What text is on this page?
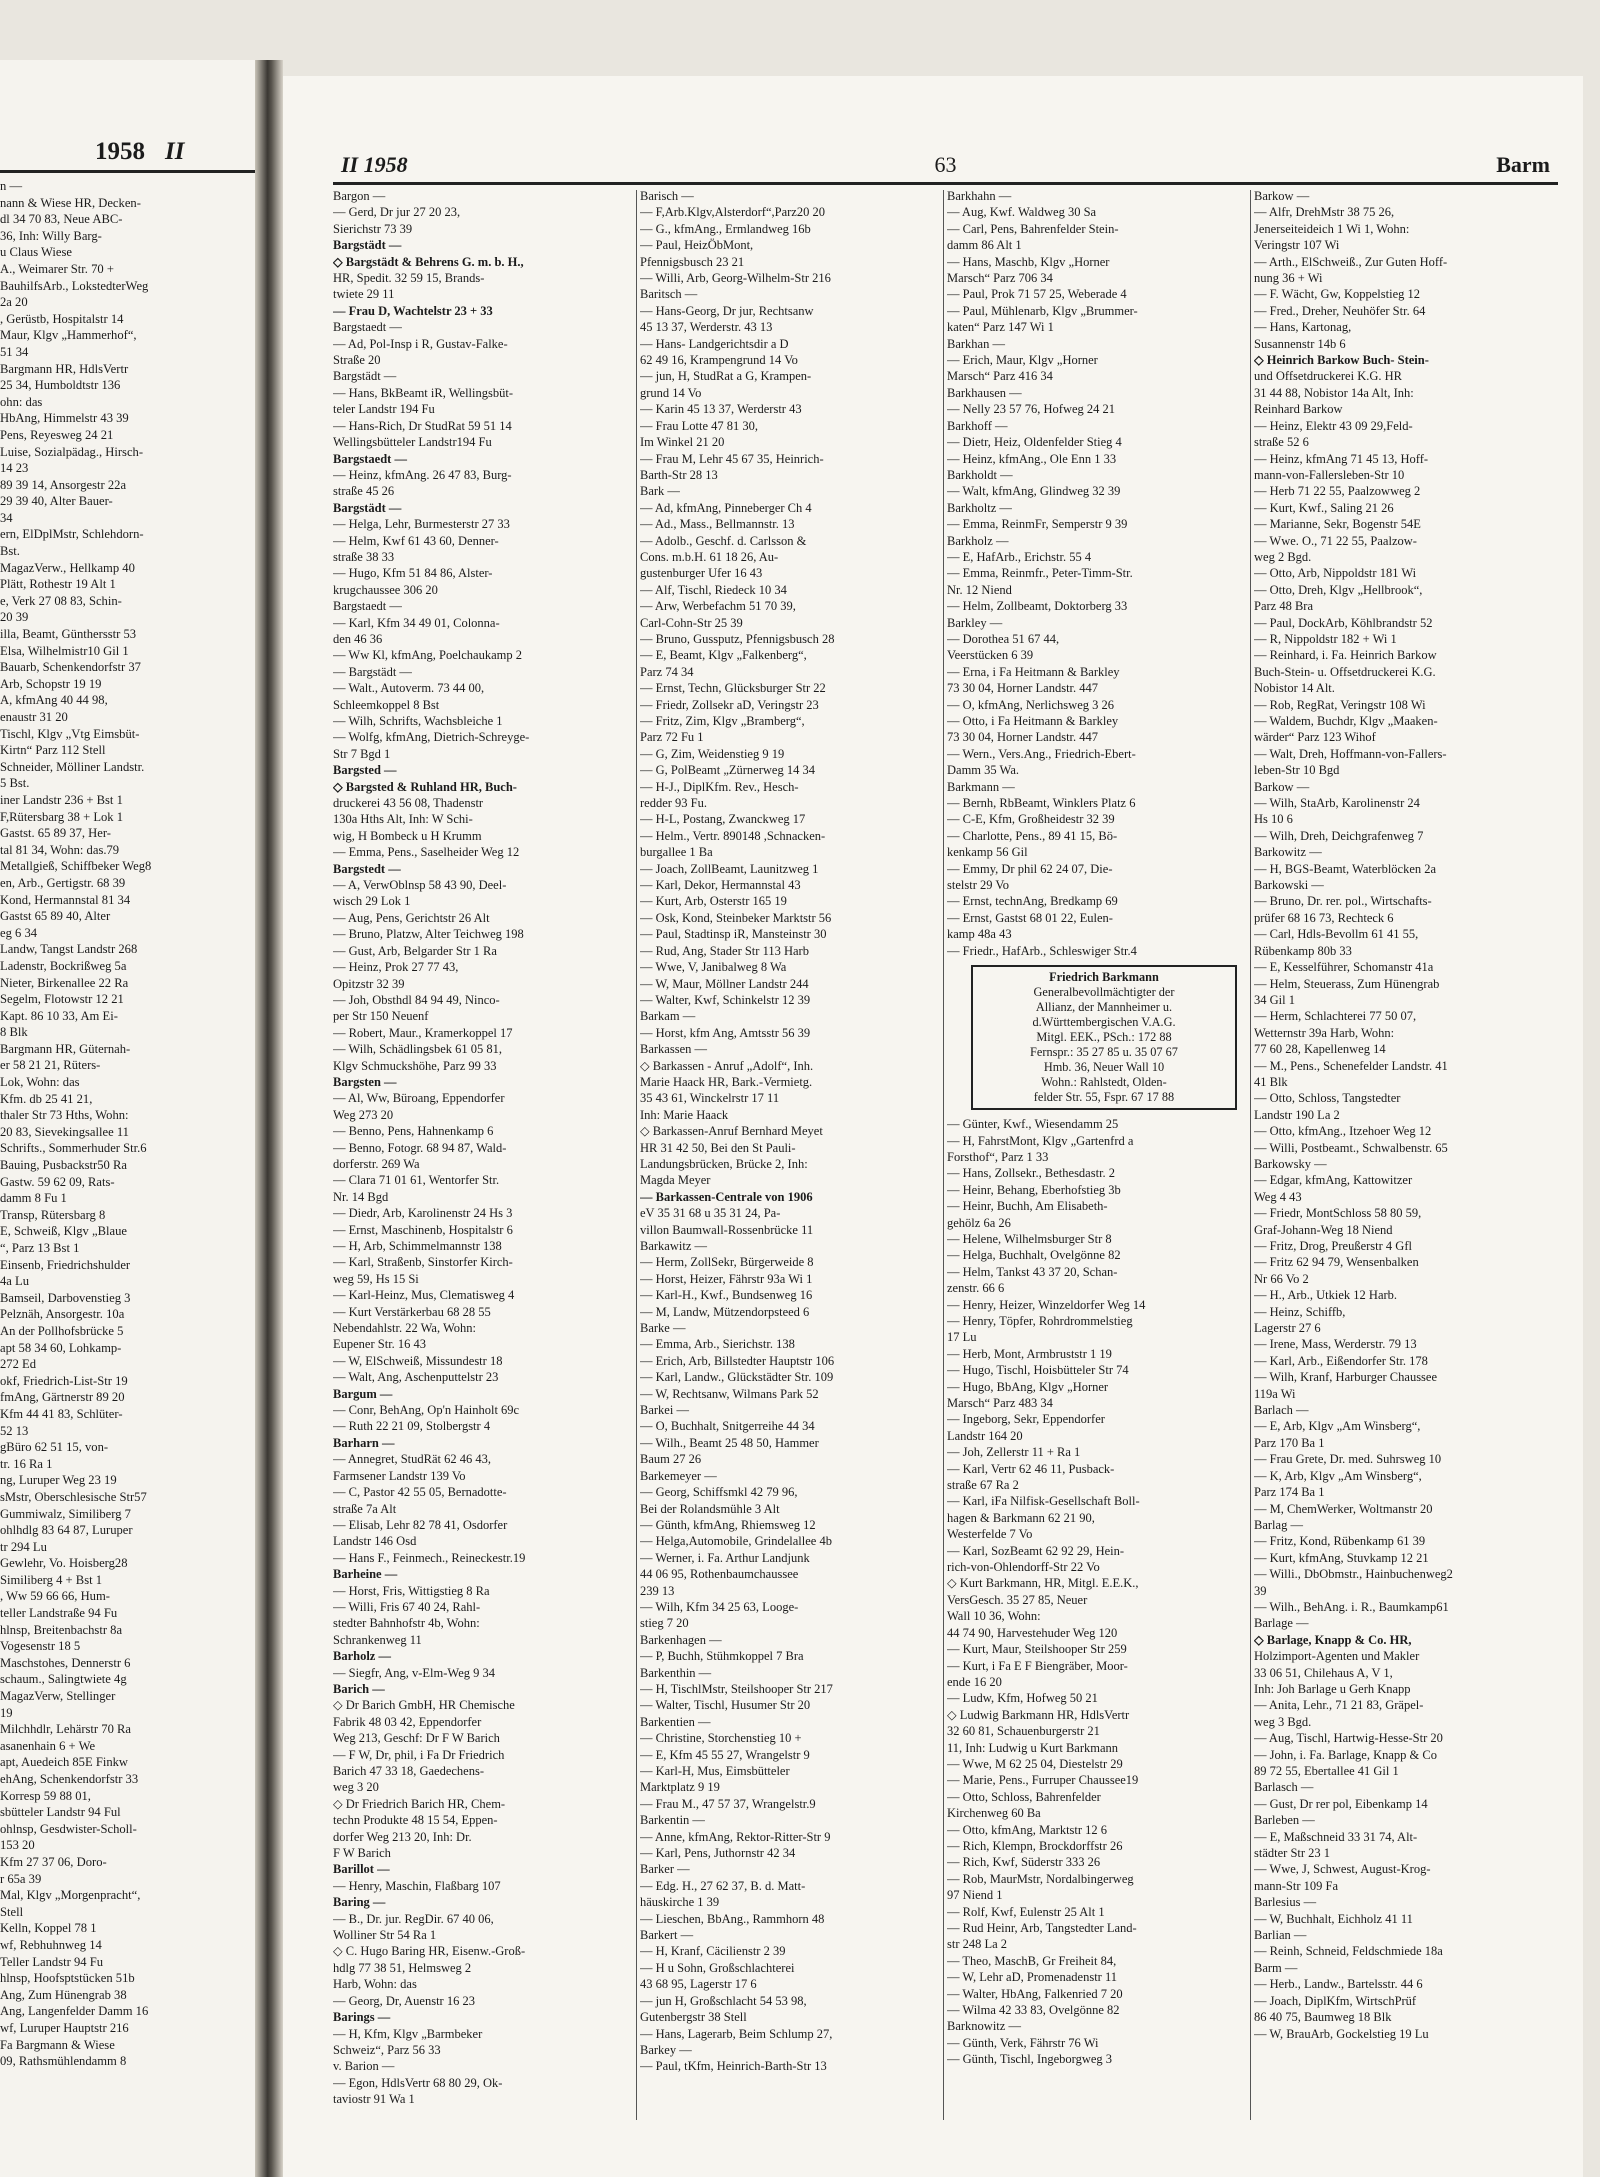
1958 II
n —
nann & Wiese HR, Decken-
dl 34 70 83, Neue ABC-
36, Inh: Willy Barg-
u Claus Wiese
A., Weimarer Str. 70 +
BauhilfsArb., LokstedterWeg
2a 20
, Gerüstb, Hospitalstr 14
Maur, Klgv „Hammerhof“,
51 34
Bargmann HR, HdlsVertr
25 34, Humboldtstr 136
ohn: das
HbAng, Himmelstr 43 39
Pens, Reyesweg 24 21
Luise, Sozialpädag., Hirsch-
14 23
89 39 14, Ansorgestr 22a
29 39 40, Alter Bauer-
34
ern, ElDplMstr, Schlehdorn-
Bst.
MagazVerw., Hellkamp 40
Plätt, Rothestr 19 Alt 1
e, Verk 27 08 83, Schin-
20 39
illa, Beamt, Günthersstr 53
Elsa, Wilhelmistr10 Gil 1
Bauarb, Schenkendorfstr 37
Arb, Schopstr 19 19
A, kfmAng 40 44 98,
enaustr 31 20
Tischl, Klgv „Vtg Eimsbüt-
Kirtn“ Parz 112 Stell
Schneider, Mölliner Landstr.
5 Bst.
iner Landstr 236 + Bst 1
F,Rütersbarg 38 + Lok 1
Gastst. 65 89 37, Her-
tal 81 34, Wohn: das.79
Metallgieß, Schiffbeker Weg8
en, Arb., Gertigstr. 68 39
Kond, Hermannstal 81 34
Gastst 65 89 40, Alter
eg 6 34
Landw, Tangst Landstr 268
Ladenstr, Bockrißweg 5a
Nieter, Birkenallee 22 Ra
Segelm, Flotowstr 12 21
Kapt. 86 10 33, Am Ei-
8 Blk
Bargmann HR, Güternah-
er 58 21 21, Rüters-
Lok, Wohn: das
Kfm. db 25 41 21,
thaler Str 73 Hths, Wohn:
20 83, Sievekingsallee 11
Schrifts., Sommerhuder Str.6
Bauing, Pusbackstr50 Ra
Gastw. 59 62 09, Rats-
damm 8 Fu 1
Transp, Rütersbarg 8
E, Schweiß, Klgv „Blaue
“, Parz 13 Bst 1
Einsenb, Friedrichshulder
4a Lu
Bamseil, Darbovenstieg 3
Pelznäh, Ansorgestr. 10a
An der Pollhofsbrücke 5
apt 58 34 60, Lohkamp-
272 Ed
okf, Friedrich-List-Str 19
fmAng, Gärtnerstr 89 20
Kfm 44 41 83, Schlüter-
52 13
gBüro 62 51 15, von-
tr. 16 Ra 1
ng, Luruper Weg 23 19
sMstr, Oberschlesische Str57
Gummiwalz, Similiberg 7
ohlhdlg 83 64 87, Luruper
tr 294 Lu
Gewlehr, Vo. Hoisberg28
Similiberg 4 + Bst 1
, Ww 59 66 66, Hum-
teller Landstraße 94 Fu
hlnsp, Breitenbachstr 8a
Vogesenstr 18 5
Maschstohes, Dennerstr 6
schaum., Salingtwiete 4g
MagazVerw, Stellinger
19
Milchhdlr, Lehärstr 70 Ra
asanenhain 6 + We
apt, Auedeich 85E Finkw
ehAng, Schenkendorfstr 33
Korresp 59 88 01,
sbütteler Landstr 94 Ful
ohlnsp, Gesdwister-Scholl-
153 20
Kfm 27 37 06, Doro-
r 65a 39
Mal, Klgv „Morgenpracht“,
Stell
Kelln, Koppel 78 1
wf, Rebhuhnweg 14
Teller Landstr 94 Fu
hlnsp, Hoofsptstücken 51b
Ang, Zum Hünengrab 38
Ang, Langenfelder Damm 16
wf, Luruper Hauptstr 216
Fa Bargmann & Wiese
09, Rathsmühlendamm 8
II 1958	63	Barm
Bargon —
— Gerd, Dr jur 27 20 23,
Sierichstr 73 39
Bargstädt —
◇ Bargstädt & Behrens G. m. b. H.,
HR, Spedit. 32 59 15, Brands-
twiete 29 11
— Frau D, Wachtelstr 23 + 33
Bargstaedt —
— Ad, Pol-Insp i R, Gustav-Falke-
Straße 20
Bargstädt —
— Hans, BkBeamt iR, Wellingsbüt-
teler Landstr 194 Fu
— Hans-Rich, Dr StudRat 59 51 14
Wellingsbütteler Landstr194 Fu
Bargstaedt —
— Heinz, kfmAng. 26 47 83, Burg-
straße 45 26
Bargstädt —
— Helga, Lehr, Burmesterstr 27 33
— Helm, Kwf 61 43 60, Denner-
straße 38 33
— Hugo, Kfm 51 84 86, Alster-
krugchaussee 306 20
Bargstaedt —
— Karl, Kfm 34 49 01, Colonna-
den 46 36
— Ww Kl, kfmAng, Poelchaukamp 2
— Bargstädt —
— Walt., Autoverm. 73 44 00,
Schleemkoppel 8 Bst
— Wilh, Schrifts, Wachsbleiche 1
— Wolfg, kfmAng, Dietrich-Schreyge-
Str 7 Bgd 1
Bargsted —
◇ Bargsted & Ruhland HR, Buch-
druckerei 43 56 08, Thadenstr
130a Hths Alt, Inh: W Schi-
wig, H Bombeck u H Krumm
— Emma, Pens., Saselheider Weg 12
Bargstedt —
— A, VerwOblnsp 58 43 90, Deel-
wisch 29 Lok 1
— Aug, Pens, Gerichtstr 26 Alt
— Bruno, Platzw, Alter Teichweg 198
— Gust, Arb, Belgarder Str 1 Ra
— Heinz, Prok 27 77 43,
Opitzstr 32 39
— Joh, Obsthdl 84 94 49, Ninco-
per Str 150 Neuenf
— Robert, Maur., Kramerkoppel 17
— Wilh, Schädlingsbek 61 05 81,
Klgv Schmuckshöhe, Parz 99 33
Bargsten —
— Al, Ww, Büroang, Eppendorfer
Weg 273 20
— Benno, Pens, Hahnenkamp 6
— Benno, Fotogr. 68 94 87, Wald-
dorferstr. 269 Wa
— Clara 71 01 61, Wentorfer Str.
Nr. 14 Bgd
— Diedr, Arb, Karolinenstr 24 Hs 3
— Ernst, Maschinenb, Hospitalstr 6
— H, Arb, Schimmelmannstr 138
— Karl, Straßenb, Sinstorfer Kirch-
weg 59, Hs 15 Si
— Karl-Heinz, Mus, Clematisweg 4
— Kurt Verstärkerbau 68 28 55
Nebendahlstr. 22 Wa, Wohn:
Eupener Str. 16 43
— W, ElSchweiß, Missundestr 18
— Walt, Ang, Aschenputtelstr 23
Bargum —
— Conr, BehAng, Op'n Hainholt 69c
— Ruth 22 21 09, Stolbergstr 4
Barharn —
— Annegret, StudRät 62 46 43,
Farmsener Landstr 139 Vo
— C, Pastor 42 55 05, Bernadotte-
straße 7a Alt
— Elisab, Lehr 82 78 41, Osdorfer
Landstr 146 Osd
— Hans F., Feinmech., Reineckestr.19
Barheine —
— Horst, Fris, Wittigstieg 8 Ra
— Willi, Fris 67 40 24, Rahl-
stedter Bahnhofstr 4b, Wohn:
Schrankenweg 11
Barholz —
— Siegfr, Ang, v-Elm-Weg 9 34
Barich —
◇ Dr Barich GmbH, HR Chemische
Fabrik 48 03 42, Eppendorfer
Weg 213, Geschf: Dr F W Barich
— F W, Dr, phil, i Fa Dr Friedrich
Barich 47 33 18, Gaedechens-
weg 3 20
◇ Dr Friedrich Barich HR, Chem-
techn Produkte 48 15 54, Eppen-
dorfer Weg 213 20, Inh: Dr.
F W Barich
Barillot —
— Henry, Maschin, Flaßbarg 107
Baring —
— B., Dr. jur. RegDir. 67 40 06,
Wolliner Str 54 Ra 1
◇ C. Hugo Baring HR, Eisenw.-Groß-
hdlg 77 38 51, Helmsweg 2
Harb, Wohn: das
— Georg, Dr, Auenstr 16 23
Barings —
— H, Kfm, Klgv „Barmbeker
Schweiz“, Parz 56 33
v. Barion —
— Egon, HdlsVertr 68 80 29, Ok-
taviostr 91 Wa 1
Barisch —
— F,Arb.Klgv,Alsterdorf“,Parz20 20
— G., kfmAng., Ermlandweg 16b
— Paul, HeizÖbMont,
Pfennigsbusch 23 21
— Willi, Arb, Georg-Wilhelm-Str 216
Baritsch —
— Hans-Georg, Dr jur, Rechtsanw
45 13 37, Werderstr. 43 13
— Hans- Landgerichtsdir a D
62 49 16, Krampengrund 14 Vo
— jun, H, StudRat a G, Krampen-
grund 14 Vo
— Karin 45 13 37, Werderstr 43
— Frau Lotte 47 81 30,
Im Winkel 21 20
— Frau M, Lehr 45 67 35, Heinrich-
Barth-Str 28 13
Bark —
— Ad, kfmAng, Pinneberger Ch 4
— Ad., Mass., Bellmannstr. 13
— Adolb., Geschf. d. Carlsson &
Cons. m.b.H. 61 18 26, Au-
gustenburger Ufer 16 43
— Alf, Tischl, Riedeck 10 34
— Arw, Werbefachm 51 70 39,
Carl-Cohn-Str 25 39
— Bruno, Gussputz, Pfennigsbusch 28
— E, Beamt, Klgv „Falkenberg“,
Parz 74 34
— Ernst, Techn, Glücksburger Str 22
— Friedr, Zollsekr aD, Veringstr 23
— Fritz, Zim, Klgv „Bramberg“,
Parz 72 Fu 1
— G, Zim, Weidenstieg 9 19
— G, PolBeamt „Zürnerweg 14 34
— H-J., DiplKfm. Rev., Hesch-
redder 93 Fu.
— H-L, Postang, Zwanckweg 17
— Helm., Vertr. 890148 ,Schnacken-
burgallee 1 Ba
— Joach, ZollBeamt, Launitzweg 1
— Karl, Dekor, Hermannstal 43
— Kurt, Arb, Osterstr 165 19
— Osk, Kond, Steinbeker Marktstr 56
— Paul, Stadtinsp iR, Mansteinstr 30
— Rud, Ang, Stader Str 113 Harb
— Wwe, V, Janibalweg 8 Wa
— W, Maur, Möllner Landstr 244
— Walter, Kwf, Schinkelstr 12 39
Barkam —
— Horst, kfm Ang, Amtsstr 56 39
Barkassen —
◇ Barkassen - Anruf „Adolf“, Inh.
Marie Haack HR, Bark.-Vermietg.
35 43 61, Winckelrstr 17 11
Inh: Marie Haack
◇ Barkassen-Anruf Bernhard Meyet
HR 31 42 50, Bei den St Pauli-
Landungsbrücken, Brücke 2, Inh:
Magda Meyer
— Barkassen-Centrale von 1906
eV 35 31 68 u 35 31 24, Pa-
villon Baumwall-Rossenbrücke 11
Barkawitz —
— Herm, ZollSekr, Bürgerweide 8
— Horst, Heizer, Fährstr 93a Wi 1
— Karl-H., Kwf., Bundsenweg 16
— M, Landw, Mützendorpsteed 6
Barke —
— Emma, Arb., Sierichstr. 138
— Erich, Arb, Billstedter Hauptstr 106
— Karl, Landw., Glückstädter Str. 109
— W, Rechtsanw, Wilmans Park 52
Barkei —
— O, Buchhalt, Snitgerreihe 44 34
— Wilh., Beamt 25 48 50, Hammer
Baum 27 26
Barkemeyer —
— Georg, Schiffsmkl 42 79 96,
Bei der Rolandsmühle 3 Alt
— Günth, kfmAng, Rhiemsweg 12
— Helga,Automobile, Grindelallee 4b
— Werner, i. Fa. Arthur Landjunk
44 06 95, Rothenbaumchaussee
239 13
— Wilh, Kfm 34 25 63, Looge-
stieg 7 20
Barkenhagen —
— P, Buchh, Stühmkoppel 7 Bra
Barkenthin —
— H, TischlMstr, Steilshooper Str 217
— Walter, Tischl, Husumer Str 20
Barkentien —
— Christine, Storchenstieg 10 +
— E, Kfm 45 55 27, Wrangelstr 9
— Karl-H, Mus, Eimsbütteler
Marktplatz 9 19
— Frau M., 47 57 37, Wrangelstr.9
Barkentin —
— Anne, kfmAng, Rektor-Ritter-Str 9
— Karl, Pens, Juthornstr 42 34
Barker —
— Edg. H., 27 62 37, B. d. Matt-
häuskirche 1 39
— Lieschen, BbAng., Rammhorn 48
Barkert —
— H, Kranf, Cäcilienstr 2 39
— H u Sohn, Großschlachterei
43 68 95, Lagerstr 17 6
— jun H, Großschlacht 54 53 98,
Gutenbergstr 38 Stell
— Hans, Lagerarb, Beim Schlump 27,
Barkey —
— Paul, tKfm, Heinrich-Barth-Str 13
Barkhahn —
— Aug, Kwf. Waldweg 30 Sa
— Carl, Pens, Bahrenfelder Stein-
damm 86 Alt 1
— Hans, Maschb, Klgv „Horner
Marsch“ Parz 706 34
— Paul, Prok 71 57 25, Weberade 4
— Paul, Mühlenarb, Klgv „Brummer-
katen“ Parz 147 Wi 1
Barkhan —
— Erich, Maur, Klgv „Horner
Marsch“ Parz 416 34
Barkhausen —
— Nelly 23 57 76, Hofweg 24 21
Barkhoff —
— Dietr, Heiz, Oldenfelder Stieg 4
— Heinz, kfmAng., Ole Enn 1 33
Barkholdt —
— Walt, kfmAng, Glindweg 32 39
Barkholtz —
— Emma, ReinmFr, Semperstr 9 39
Barkholz —
— E, HafArb., Erichstr. 55 4
— Emma, Reinmfr., Peter-Timm-Str.
Nr. 12 Niend
— Helm, Zollbeamt, Doktorberg 33
Barkley —
— Dorothea 51 67 44,
Veerstücken 6 39
— Erna, i Fa Heitmann & Barkley
73 30 04, Horner Landstr. 447
— O, kfmAng, Nerlichsweg 3 26
— Otto, i Fa Heitmann & Barkley
73 30 04, Horner Landstr. 447
— Wern., Vers.Ang., Friedrich-Ebert-
Damm 35 Wa.
Barkmann —
— Bernh, RbBeamt, Winklers Platz 6
— C-E, Kfm, Großheidestr 32 39
— Charlotte, Pens., 89 41 15, Bö-
kenkamp 56 Gil
— Emmy, Dr phil 62 24 07, Die-
stelstr 29 Vo
— Ernst, technAng, Bredkamp 69
— Ernst, Gastst 68 01 22, Eulen-
kamp 48a 43
— Friedr., HafArb., Schleswiger Str.4
Friedrich Barkmann
Generalbevollmächtigter der
Allianz, der Mannheimer u.
d.Württembergischen V.A.G.
Mitgl. EEK., PSch.: 172 88
Fernspr.: 35 27 85 u. 35 07 67
Hmb. 36, Neuer Wall 10
Wohn.: Rahlstedt, Olden-
felder Str. 55, Fspr. 67 17 88
— Günter, Kwf., Wiesendamm 25
— H, FahrstMont, Klgv „Gartenfrd a
Forsthof“, Parz 1 33
— Hans, Zollsekr., Bethesdastr. 2
— Heinr, Behang, Eberhofstieg 3b
— Heinr, Buchh, Am Elisabeth-
gehölz 6a 26
— Helene, Wilhelmsburger Str 8
— Helga, Buchhalt, Ovelgönne 82
— Helm, Tankst 43 37 20, Schan-
zenstr. 66 6
— Henry, Heizer, Winzeldorfer Weg 14
— Henry, Töpfer, Rohrdrommelstieg
17 Lu
— Herb, Mont, Armbruststr 1 19
— Hugo, Tischl, Hoisbütteler Str 74
— Hugo, BbAng, Klgv „Horner
Marsch“ Parz 483 34
— Ingeborg, Sekr, Eppendorfer
Landstr 164 20
— Joh, Zellerstr 11 + Ra 1
— Karl, Vertr 62 46 11, Pusback-
straße 67 Ra 2
— Karl, iFa Nilfisk-Gesellschaft Boll-
hagen & Barkmann 62 21 90,
Westerfelde 7 Vo
— Karl, SozBeamt 62 92 29, Hein-
rich-von-Ohlendorff-Str 22 Vo
◇ Kurt Barkmann, HR, Mitgl. E.E.K.,
VersGesch. 35 27 85, Neuer
Wall 10 36, Wohn:
44 74 90, Harvestehuder Weg 120
— Kurt, Maur, Steilshooper Str 259
— Kurt, i Fa E F Biengräber, Moor-
ende 16 20
— Ludw, Kfm, Hofweg 50 21
◇ Ludwig Barkmann HR, HdlsVertr
32 60 81, Schauenburgerstr 21
11, Inh: Ludwig u Kurt Barkmann
— Wwe, M 62 25 04, Diestelstr 29
— Marie, Pens., Furruper Chaussee19
— Otto, Schloss, Bahrenfelder
Kirchenweg 60 Ba
— Otto, kfmAng, Marktstr 12 6
— Rich, Klempn, Brockdorffstr 26
— Rich, Kwf, Süderstr 333 26
— Rob, MaurMstr, Nordalbingerweg
97 Niend 1
— Rolf, Kwf, Eulenstr 25 Alt 1
— Rud Heinr, Arb, Tangstedter Land-
str 248 La 2
— Theo, MaschB, Gr Freiheit 84,
— W, Lehr aD, Promenadenstr 11
— Walter, HbAng, Falkenried 7 20
— Wilma 42 33 83, Ovelgönne 82
Barknowitz —
— Günth, Verk, Fährstr 76 Wi
— Günth, Tischl, Ingeborgweg 3
Barkow —
— Alfr, DrehMstr 38 75 26,
Jenerseiteideich 1 Wi 1, Wohn:
Veringstr 107 Wi
— Arth., ElSchweiß., Zur Guten Hoff-
nung 36 + Wi
— F. Wächt, Gw, Koppelstieg 12
— Fred., Dreher, Neuhöfer Str. 64
— Hans, Kartonag,
Susannenstr 14b 6
◇ Heinrich Barkow Buch- Stein-
und Offsetdruckerei K.G. HR
31 44 88, Nobistor 14a Alt, Inh:
Reinhard Barkow
— Heinz, Elektr 43 09 29,Feld-
straße 52 6
— Heinz, kfmAng 71 45 13, Hoff-
mann-von-Fallersleben-Str 10
— Herb 71 22 55, Paalzowweg 2
— Kurt, Kwf., Saling 21 26
— Marianne, Sekr, Bogenstr 54E
— Wwe. O., 71 22 55, Paalzow-
weg 2 Bgd.
— Otto, Arb, Nippoldstr 181 Wi
— Otto, Dreh, Klgv „Hellbrook“,
Parz 48 Bra
— Paul, DockArb, Köhlbrandstr 52
— R, Nippoldstr 182 + Wi 1
— Reinhard, i. Fa. Heinrich Barkow
Buch-Stein- u. Offsetdruckerei K.G.
Nobistor 14 Alt.
— Rob, RegRat, Veringstr 108 Wi
— Waldem, Buchdr, Klgv „Maaken-
wärder“ Parz 123 Wihof
— Walt, Dreh, Hoffmann-von-Fallers-
leben-Str 10 Bgd
Barkow —
— Wilh, StaArb, Karolinenstr 24
Hs 10 6
— Wilh, Dreh, Deichgrafenweg 7
Barkowitz —
— H, BGS-Beamt, Waterblöcken 2a
Barkowski —
— Bruno, Dr. rer. pol., Wirtschafts-
prüfer 68 16 73, Rechteck 6
— Carl, Hdls-Bevollm 61 41 55,
Rübenkamp 80b 33
— E, Kesselführer, Schomanstr 41a
— Helm, Steuerass, Zum Hünengrab
34 Gil 1
— Herm, Schlachterei 77 50 07,
Wetternstr 39a Harb, Wohn:
77 60 28, Kapellenweg 14
— M., Pens., Schenefelder Landstr. 41
41 Blk
— Otto, Schloss, Tangstedter
Landstr 190 La 2
— Otto, kfmAng., Itzehoer Weg 12
— Willi, Postbeamt., Schwalbenstr. 65
Barkowsky —
— Edgar, kfmAng, Kattowitzer
Weg 4 43
— Friedr, MontSchloss 58 80 59,
Graf-Johann-Weg 18 Niend
— Fritz, Drog, Preußerstr 4 Gfl
— Fritz 62 94 79, Wensenbalken
Nr 66 Vo 2
— H., Arb., Utkiek 12 Harb.
— Heinz, Schiffb,
Lagerstr 27 6
— Irene, Mass, Werderstr. 79 13
— Karl, Arb., Eißendorfer Str. 178
— Wilh, Kranf, Harburger Chaussee
119a Wi
Barlach —
— E, Arb, Klgv „Am Winsberg“,
Parz 170 Ba 1
— Frau Grete, Dr. med. Suhrsweg 10
— K, Arb, Klgv „Am Winsberg“,
Parz 174 Ba 1
— M, ChemWerker, Woltmanstr 20
Barlag —
— Fritz, Kond, Rübenkamp 61 39
— Kurt, kfmAng, Stuvkamp 12 21
— Willi., DbObmstr., Hainbuchenweg2
39
— Wilh., BehAng. i. R., Baumkamp61
Barlage —
◇ Barlage, Knapp & Co. HR,
Holzimport-Agenten und Makler
33 06 51, Chilehaus A, V 1,
Inh: Joh Barlage u Gerh Knapp
— Anita, Lehr., 71 21 83, Gräpel-
weg 3 Bgd.
— Aug, Tischl, Hartwig-Hesse-Str 20
— John, i. Fa. Barlage, Knapp & Co
89 72 55, Ebertallee 41 Gil 1
Barlasch —
— Gust, Dr rer pol, Eibenkamp 14
Barleben —
— E, Maßschneid 33 31 74, Alt-
städter Str 23 1
— Wwe, J, Schwest, August-Krog-
mann-Str 109 Fa
Barlesius —
— W, Buchhalt, Eichholz 41 11
Barlian —
— Reinh, Schneid, Feldschmiede 18a
Barm —
— Herb., Landw., Bartelsstr. 44 6
— Joach, DiplKfm, WirtschPrüf
86 40 75, Baumweg 18 Blk
— W, BrauArb, Gockelstieg 19 Lu
